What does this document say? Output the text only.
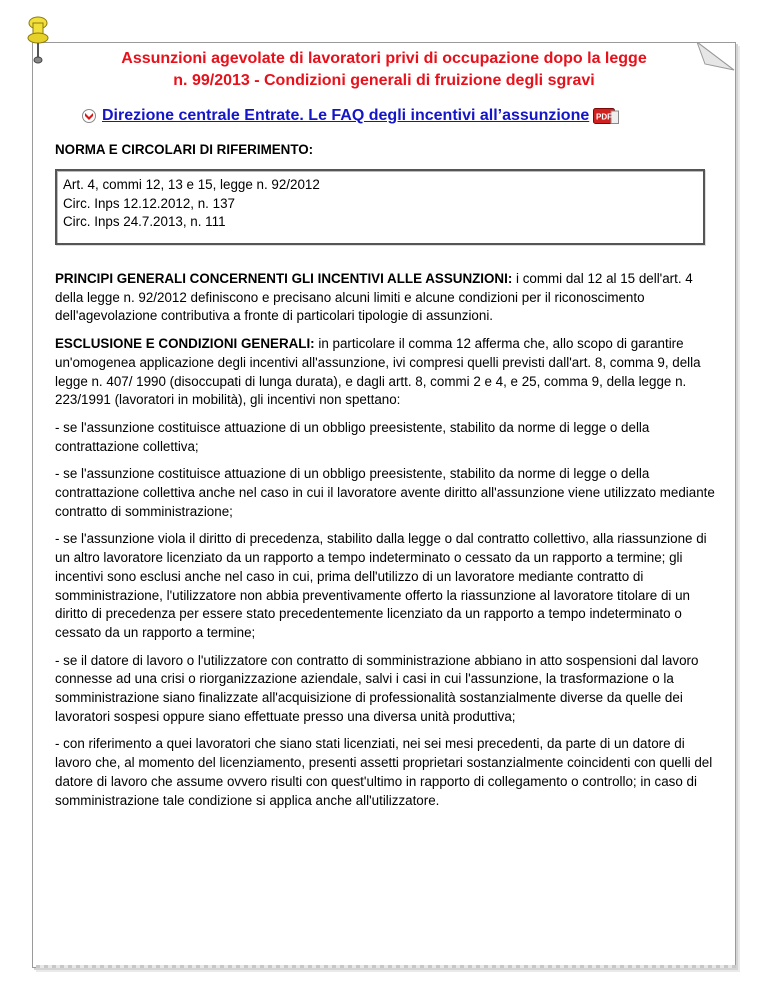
Assunzioni agevolate di lavoratori privi di occupazione dopo la legge
n. 99/2013 - Condizioni generali di fruizione degli sgravi
Direzione centrale Entrate. Le FAQ degli incentivi all’assunzione PDF
NORMA E CIRCOLARI DI RIFERIMENTO:
Art. 4, commi 12, 13 e 15, legge n. 92/2012
Circ. Inps 12.12.2012, n. 137
Circ. Inps 24.7.2013, n. 111

PRINCIPI GENERALI CONCERNENTI GLI INCENTIVI ALLE ASSUNZIONI: i commi dal 12 al 15 dell'art. 4 della legge n. 92/2012 definiscono e precisano alcuni limiti e alcune condizioni per il riconoscimento dell'agevolazione contributiva a fronte di particolari tipologie di assunzioni.

ESCLUSIONE E CONDIZIONI GENERALI: in particolare il comma 12 afferma che, allo scopo di garantire un'omogenea applicazione degli incentivi all'assunzione, ivi compresi quelli previsti dall'art. 8, comma 9, della legge n. 407/ 1990 (disoccupati di lunga durata), e dagli artt. 8, commi 2 e 4, e 25, comma 9, della legge n. 223/1991 (lavoratori in mobilità), gli incentivi non spettano:

- se l'assunzione costituisce attuazione di un obbligo preesistente, stabilito da norme di legge o della contrattazione collettiva;

- se l'assunzione costituisce attuazione di un obbligo preesistente, stabilito da norme di legge o della contrattazione collettiva anche nel caso in cui il lavoratore avente diritto all'assunzione viene utilizzato mediante contratto di somministrazione;

- se l'assunzione viola il diritto di precedenza, stabilito dalla legge o dal contratto collettivo, alla riassunzione di un altro lavoratore licenziato da un rapporto a tempo indeterminato o cessato da un rapporto a termine; gli incentivi sono esclusi anche nel caso in cui, prima dell'utilizzo di un lavoratore mediante contratto di somministrazione, l'utilizzatore non abbia preventivamente offerto la riassunzione al lavoratore titolare di un diritto di precedenza per essere stato precedentemente licenziato da un rapporto a tempo indeterminato o cessato da un rapporto a termine;

- se il datore di lavoro o l'utilizzatore con contratto di somministrazione abbiano in atto sospensioni dal lavoro connesse ad una crisi o riorganizzazione aziendale, salvi i casi in cui l'assunzione, la trasformazione o la somministrazione siano finalizzate all'acquisizione di professionalità sostanzialmente diverse da quelle dei lavoratori sospesi oppure siano effettuate presso una diversa unità produttiva;

- con riferimento a quei lavoratori che siano stati licenziati, nei sei mesi precedenti, da parte di un datore di lavoro che, al momento del licenziamento, presenti assetti proprietari sostanzialmente coincidenti con quelli del datore di lavoro che assume ovvero risulti con quest'ultimo in rapporto di collegamento o controllo; in caso di somministrazione tale condizione si applica anche all'utilizzatore.
